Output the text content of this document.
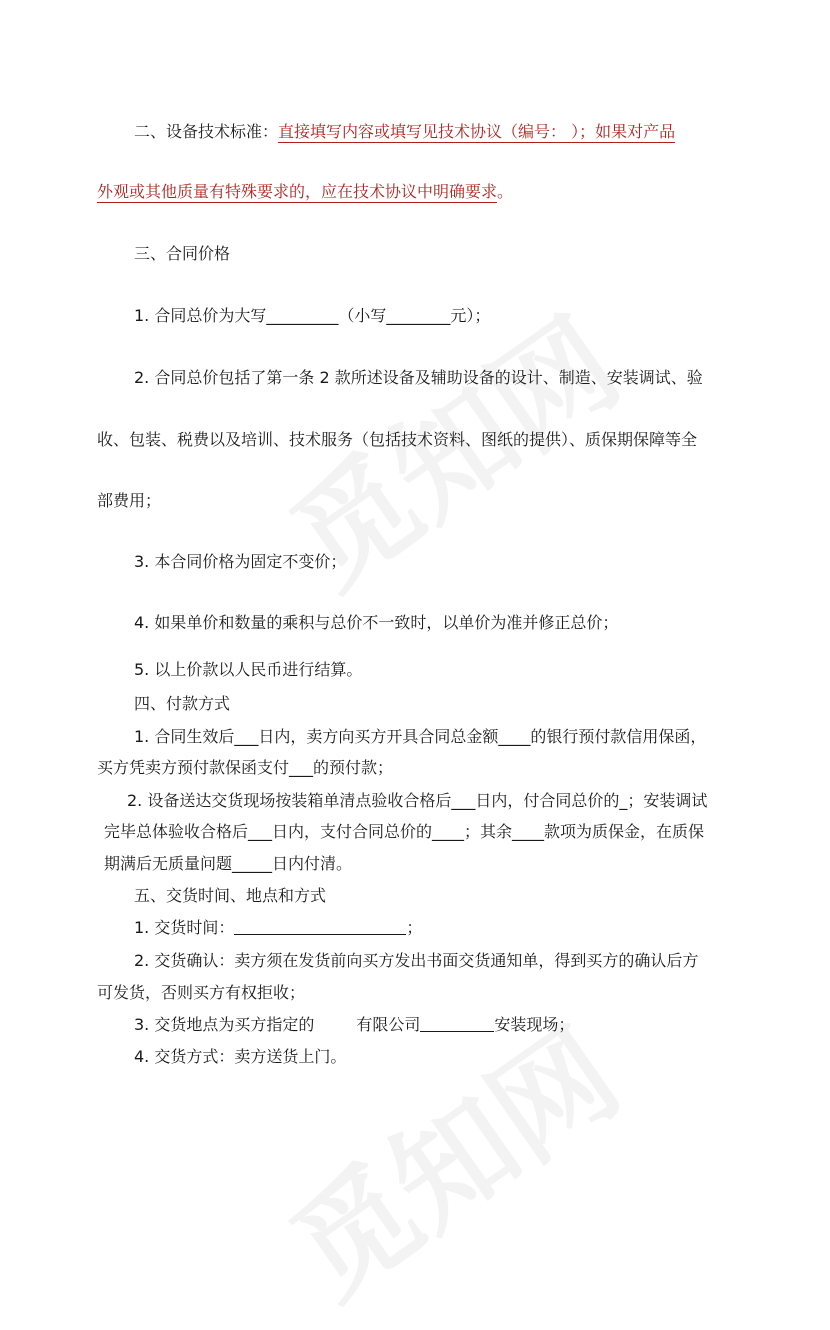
二、设备技术标准：直接填写内容或填写见技术协议（编号： ）；如果对产品
外观或其他质量有特殊要求的，应在技术协议中明确要求。
三、合同价格
1. 合同总价为大写_________（小写________元）；
2. 合同总价包括了第一条 2 款所述设备及辅助设备的设计、制造、安装调试、验
收、包装、税费以及培训、技术服务（包括技术资料、图纸的提供）、质保期保障等全
部费用；
3. 本合同价格为固定不变价；
4. 如果单价和数量的乘积与总价不一致时，以单价为准并修正总价；
5. 以上价款以人民币进行结算。
四、付款方式
1. 合同生效后___日内，卖方向买方开具合同总金额____的银行预付款信用保函，
买方凭卖方预付款保函支付___的预付款；
2. 设备送达交货现场按装箱单清点验收合格后___日内，付合同总价的_；安装调试
完毕总体验收合格后___日内，支付合同总价的____；其余____款项为质保金，在质保
期满后无质量问题_____日内付清。
五、交货时间、地点和方式
1. 交货时间：	；
2. 交货确认：卖方须在发货前向买方发出书面交货通知单，得到买方的确认后方
可发货，否则买方有权拒收；
3. 交货地点为买方指定的	有限公司	安装现场；
4. 交货方式：卖方送货上门。
